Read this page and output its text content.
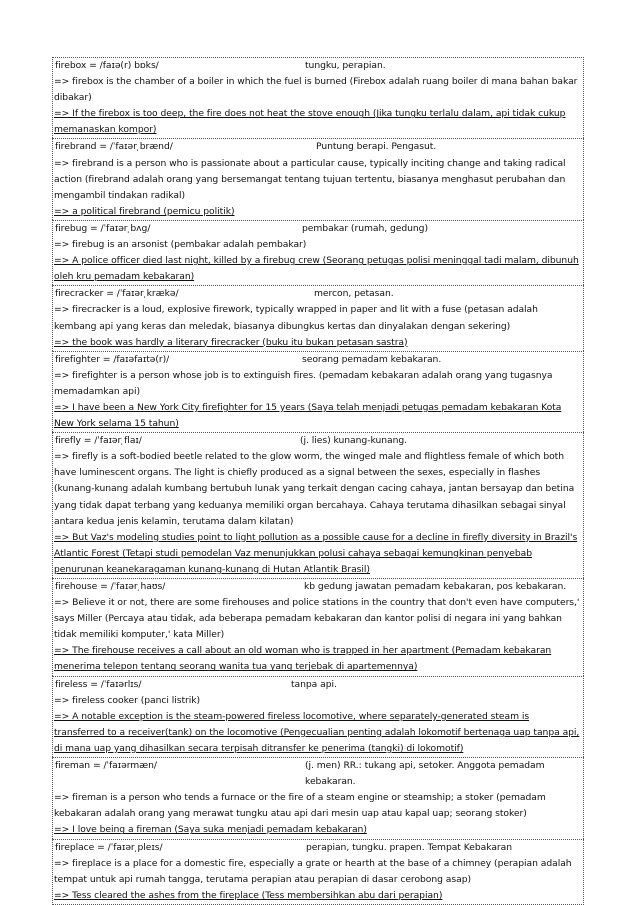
firebox = /faɪə(r) bɒks/	tungku, perapian.
=> firebox is the chamber of a boiler in which the fuel is burned (Firebox adalah ruang boiler di mana bahan bakar dibakar)
=> If the firebox is too deep, the fire does not heat the stove enough (Jika tungku terlalu dalam, api tidak cukup memanaskan kompor)
firebrand = /ˈfaɪər ̩brænd/	Puntung berapi. Pengasut.
=> firebrand is a person who is passionate about a particular cause, typically inciting change and taking radical action (firebrand adalah orang yang bersemangat tentang tujuan tertentu, biasanya menghasut perubahan dan mengambil tindakan radikal)
=> a political firebrand (pemicu politik)
firebug = /ˈfaɪər ̩bʌg/	pembakar (rumah, gedung)
=> firebug is an arsonist (pembakar adalah pembakar)
=> A police officer died last night, killed by a firebug crew (Seorang petugas polisi meninggal tadi malam, dibunuh oleh kru pemadam kebakaran)
firecracker = /ˈfaɪər ̩krækə/	mercon, petasan.
=> firecracker is a loud, explosive firework, typically wrapped in paper and lit with a fuse (petasan adalah kembang api yang keras dan meledak, biasanya dibungkus kertas dan dinyalakan dengan sekering)
=> the book was hardly a literary firecracker (buku itu bukan petasan sastra)
firefighter = /faɪəfaɪtə(r)/	seorang pemadam kebakaran.
=> firefighter is a person whose job is to extinguish fires. (pemadam kebakaran adalah orang yang tugasnya memadamkan api)
=> I have been a New York City firefighter for 15 years (Saya telah menjadi petugas pemadam kebakaran Kota New York selama 15 tahun)
firefly = /ˈfaɪər ̩flaɪ/	(j. lies) kunang-kunang.
=> firefly is a soft-bodied beetle related to the glow worm, the winged male and flightless female of which both have luminescent organs. The light is chiefly produced as a signal between the sexes, especially in flashes (kunang-kunang adalah kumbang bertubuh lunak yang terkait dengan cacing cahaya, jantan bersayap dan betina yang tidak dapat terbang yang keduanya memiliki organ bercahaya. Cahaya terutama dihasilkan sebagai sinyal antara kedua jenis kelamin, terutama dalam kilatan)
=> But Vaz's modeling studies point to light pollution as a possible cause for a decline in firefly diversity in Brazil's Atlantic Forest (Tetapi studi pemodelan Vaz menunjukkan polusi cahaya sebagai kemungkinan penyebab penurunan keanekaragaman kunang-kunang di Hutan Atlantik Brasil)
firehouse = /ˈfaɪər ̩haʊs/	kb gedung jawatan pemadam kebakaran, pos kebakaran.
=> Believe it or not, there are some firehouses and police stations in the country that don't even have computers,' says Miller (Percaya atau tidak, ada beberapa pemadam kebakaran dan kantor polisi di negara ini yang bahkan tidak memiliki komputer,' kata Miller)
=> The firehouse receives a call about an old woman who is trapped in her apartment (Pemadam kebakaran menerima telepon tentang seorang wanita tua yang terjebak di apartemennya)
fireless = /ˈfaɪərlɪs/	tanpa api.
=> fireless cooker (panci listrik)
=> A notable exception is the steam-powered fireless locomotive, where separately-generated steam is transferred to a receiver(tank) on the locomotive (Pengecualian penting adalah lokomotif bertenaga uap tanpa api, di mana uap yang dihasilkan secara terpisah ditransfer ke penerima (tangki) di lokomotif)
fireman = /ˈfaɪərmæn/	(j. men) RR.: tukang api, setoker. Anggota pemadam kebakaran.
=> fireman is a person who tends a furnace or the fire of a steam engine or steamship; a stoker (pemadam kebakaran adalah orang yang merawat tungku atau api dari mesin uap atau kapal uap; seorang stoker)
=> I love being a fireman (Saya suka menjadi pemadam kebakaran)
fireplace = /ˈfaɪər ̩pleɪs/	perapian, tungku. prapen. Tempat Kebakaran
=> fireplace is a place for a domestic fire, especially a grate or hearth at the base of a chimney (perapian adalah tempat untuk api rumah tangga, terutama perapian atau perapian di dasar cerobong asap)
=> Tess cleared the ashes from the fireplace (Tess membersihkan abu dari perapian)
